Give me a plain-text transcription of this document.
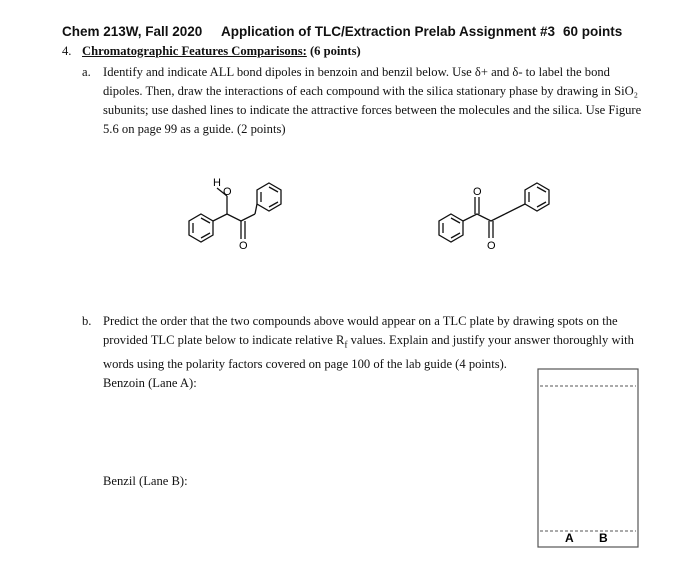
Chem 213W, Fall 2020 Application of TLC/Extraction Prelab Assignment #3 60 points
4. Chromatographic Features Comparisons: (6 points)
a. Identify and indicate ALL bond dipoles in benzoin and benzil below. Use δ+ and δ- to label the bond
dipoles. Then, draw the interactions of each compound with the silica stationary phase by drawing in SiO₂
subunits; use dashed lines to indicate the attractive forces between the molecules and the silica. Use Figure
5.6 on page 99 as a guide. (2 points)
H
O
O
O
O
b. Predict the order that the two compounds above would appear on a TLC plate by drawing spots on the
provided TLC plate below to indicate relative $R_f$ values. Explain and justify your answer thoroughly with
words using the polarity factors covered on page 100 of the lab guide (4 points).
Benzoin (Lane A):
Benzil (Lane B):
A B
